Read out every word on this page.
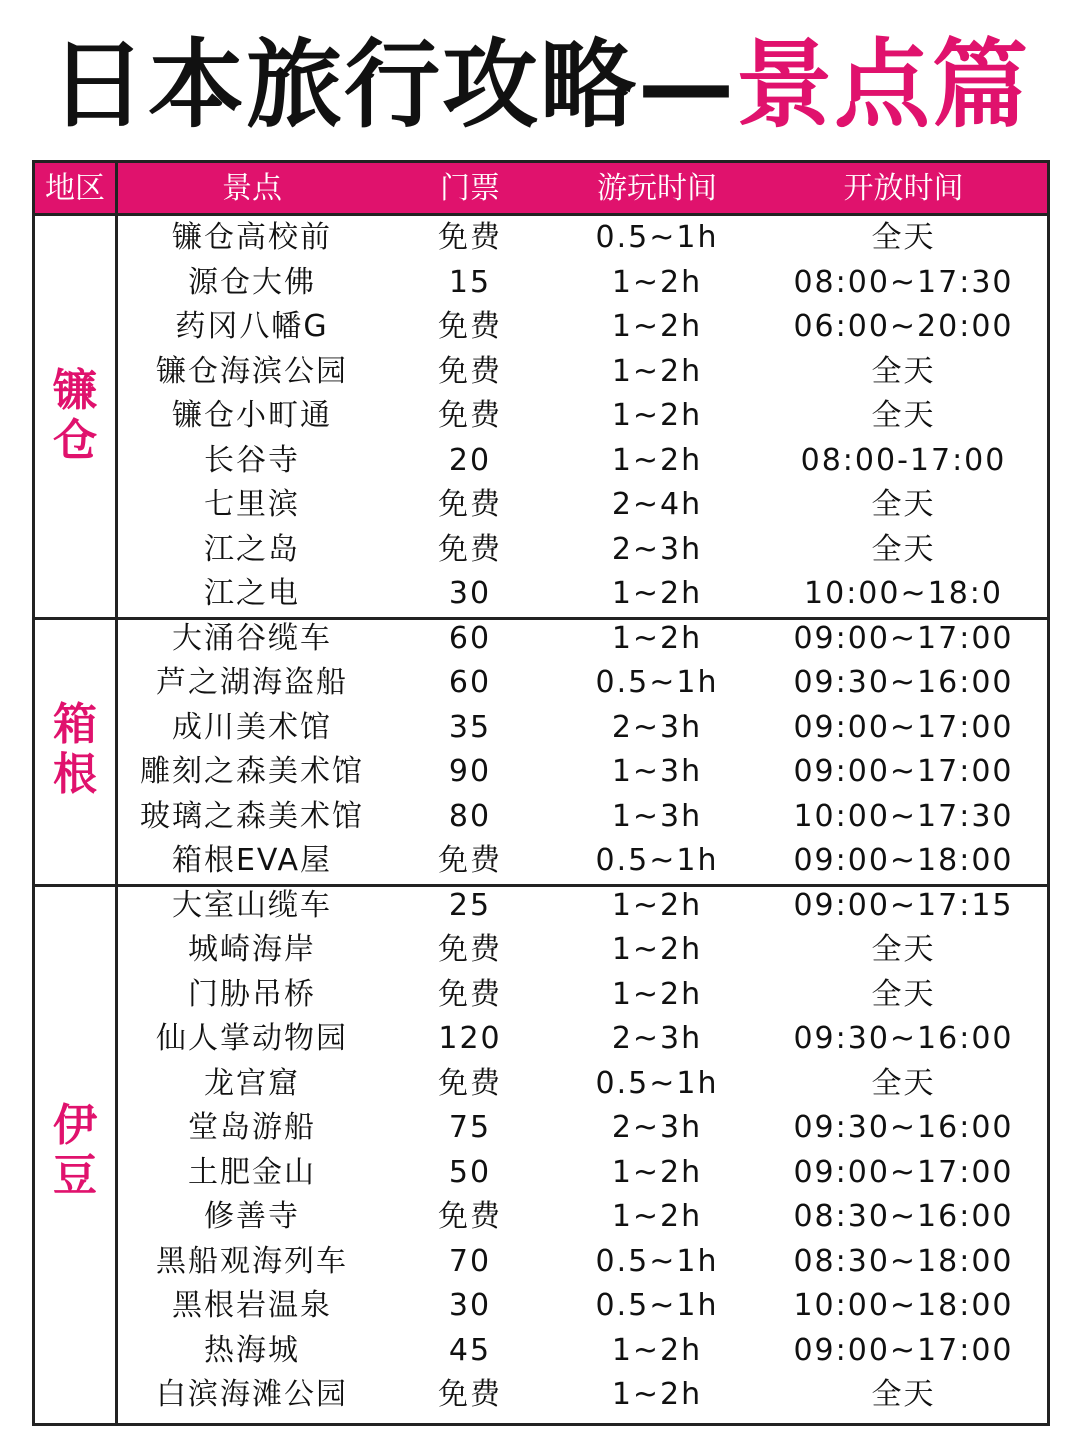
日本旅行攻略—景点篇
地区	景点	门票	游玩时间	开放时间
镰仓
镰仓高校前	免费	0.5~1h	全天
源仓大佛	15	1~2h	08:00~17:30
药冈八幡G	免费	1~2h	06:00~20:00
镰仓海滨公园	免费	1~2h	全天
镰仓小町通	免费	1~2h	全天
长谷寺	20	1~2h	08:00-17:00
七里滨	免费	2~4h	全天
江之岛	免费	2~3h	全天
江之电	30	1~2h	10:00~18:0
箱根
大涌谷缆车	60	1~2h	09:00~17:00
芦之湖海盗船	60	0.5~1h	09:30~16:00
成川美术馆	35	2~3h	09:00~17:00
雕刻之森美术馆	90	1~3h	09:00~17:00
玻璃之森美术馆	80	1~3h	10:00~17:30
箱根EVA屋	免费	0.5~1h	09:00~18:00
伊豆
大室山缆车	25	1~2h	09:00~17:15
城崎海岸	免费	1~2h	全天
门胁吊桥	免费	1~2h	全天
仙人掌动物园	120	2~3h	09:30~16:00
龙宫窟	免费	0.5~1h	全天
堂岛游船	75	2~3h	09:30~16:00
土肥金山	50	1~2h	09:00~17:00
修善寺	免费	1~2h	08:30~16:00
黑船观海列车	70	0.5~1h	08:30~18:00
黑根岩温泉	30	0.5~1h	10:00~18:00
热海城	45	1~2h	09:00~17:00
白滨海滩公园	免费	1~2h	全天
